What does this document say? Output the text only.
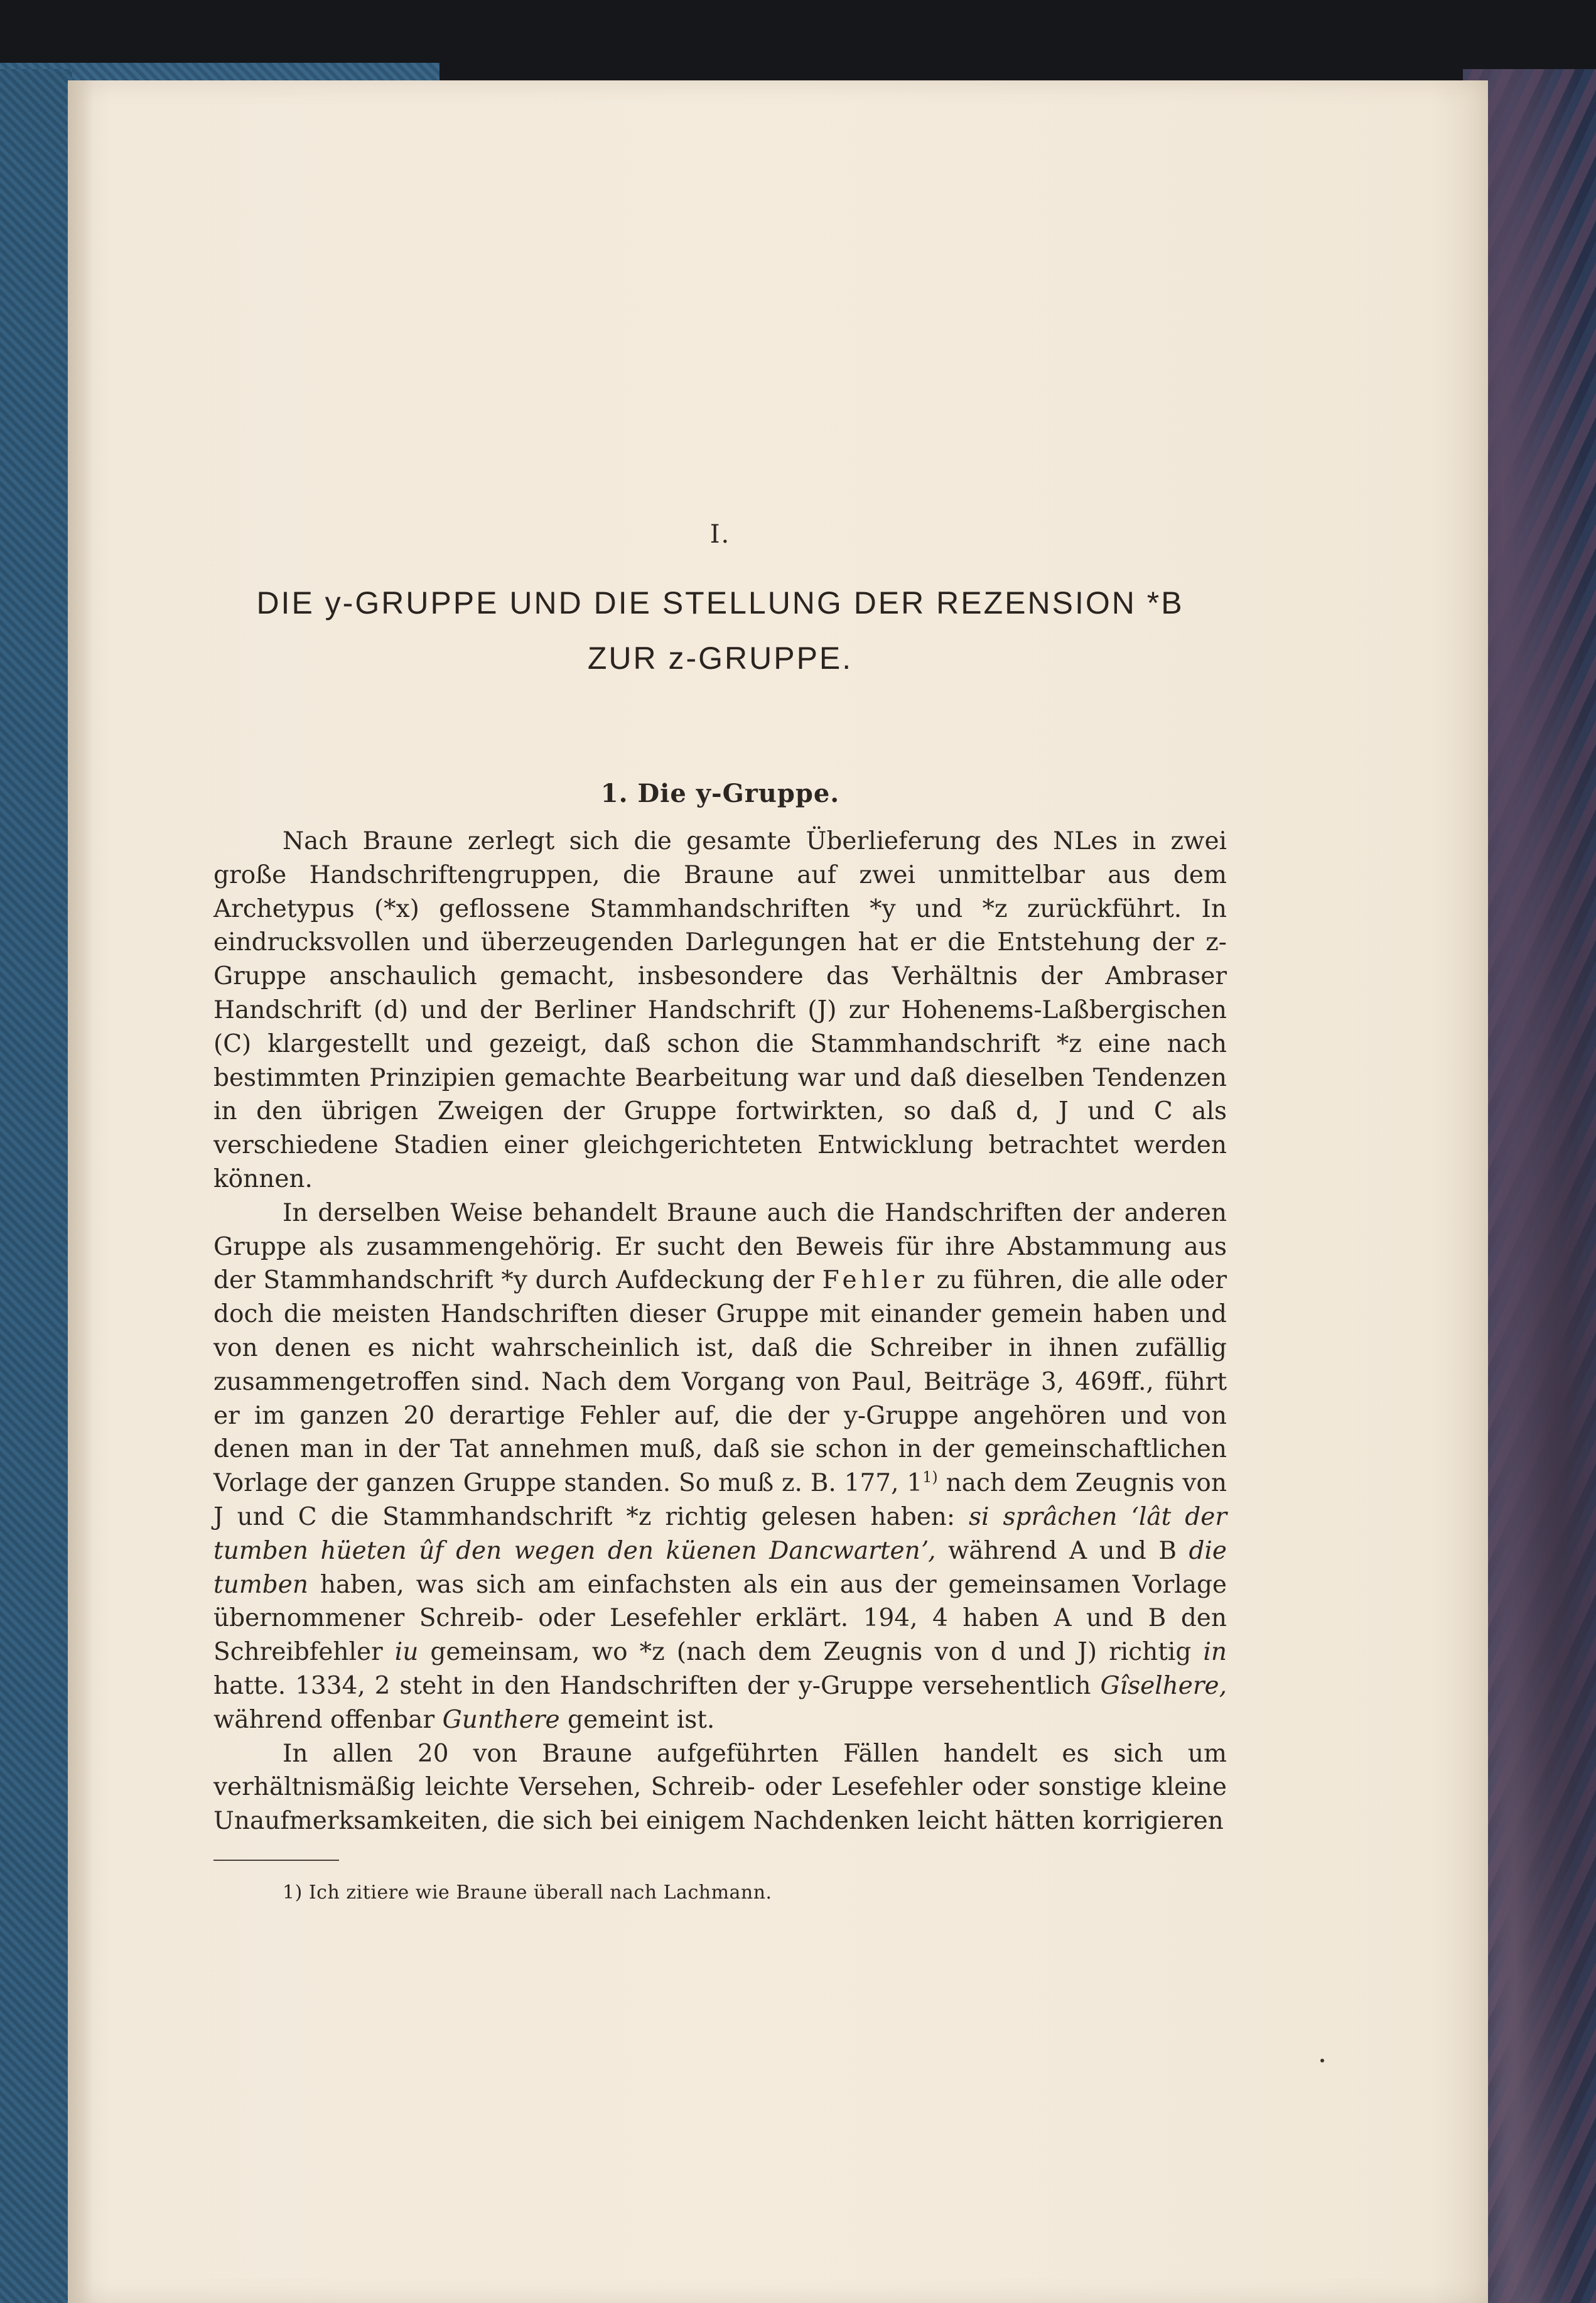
I.
DIE y-GRUPPE UND DIE STELLUNG DER REZENSION *B
ZUR z-GRUPPE.
1. Die y-Gruppe.

Nach Braune zerlegt sich die gesamte Überlieferung des NLes in zwei große Handschriftengruppen, die Braune auf zwei unmittelbar aus dem Archetypus (*x) geflossene Stammhandschriften *y und *z zurückführt. In eindrucksvollen und überzeugenden Darlegungen hat er die Entstehung der z-Gruppe anschaulich gemacht, insbesondere das Verhältnis der Ambraser Handschrift (d) und der Berliner Handschrift (J) zur Hohenems-Laßbergischen (C) klargestellt und gezeigt, daß schon die Stammhandschrift *z eine nach bestimmten Prinzipien gemachte Bearbeitung war und daß dieselben Tendenzen in den übrigen Zweigen der Gruppe fortwirkten, so daß d, J und C als verschiedene Stadien einer gleichgerichteten Entwicklung betrachtet werden können.

In derselben Weise behandelt Braune auch die Handschriften der anderen Gruppe als zusammengehörig. Er sucht den Beweis für ihre Abstammung aus der Stammhandschrift *y durch Aufdeckung der Fehler zu führen, die alle oder doch die meisten Handschriften dieser Gruppe mit einander gemein haben und von denen es nicht wahrscheinlich ist, daß die Schreiber in ihnen zufällig zusammengetroffen sind. Nach dem Vorgang von Paul, Beiträge 3, 469ff., führt er im ganzen 20 derartige Fehler auf, die der y-Gruppe angehören und von denen man in der Tat annehmen muß, daß sie schon in der gemeinschaftlichen Vorlage der ganzen Gruppe standen. So muß z. B. 177, 1$^{1)}$ nach dem Zeugnis von J und C die Stammhandschrift *z richtig gelesen haben: si sprâchen ʻlât der tumben hüeten ûf den wegen den küenen Dancwartenʼ, während A und B die tumben haben, was sich am einfachsten als ein aus der gemeinsamen Vorlage übernommener Schreib- oder Lesefehler erklärt. 194, 4 haben A und B den Schreibfehler iu gemeinsam, wo *z (nach dem Zeugnis von d und J) richtig in hatte. 1334, 2 steht in den Handschriften der y-Gruppe versehentlich Gîselhere, während offenbar Gunthere gemeint ist.

In allen 20 von Braune aufgeführten Fällen handelt es sich um verhältnismäßig leichte Versehen, Schreib- oder Lesefehler oder sonstige kleine Unaufmerksamkeiten, die sich bei einigem Nachdenken leicht hätten korrigieren

1) Ich zitiere wie Braune überall nach Lachmann.
